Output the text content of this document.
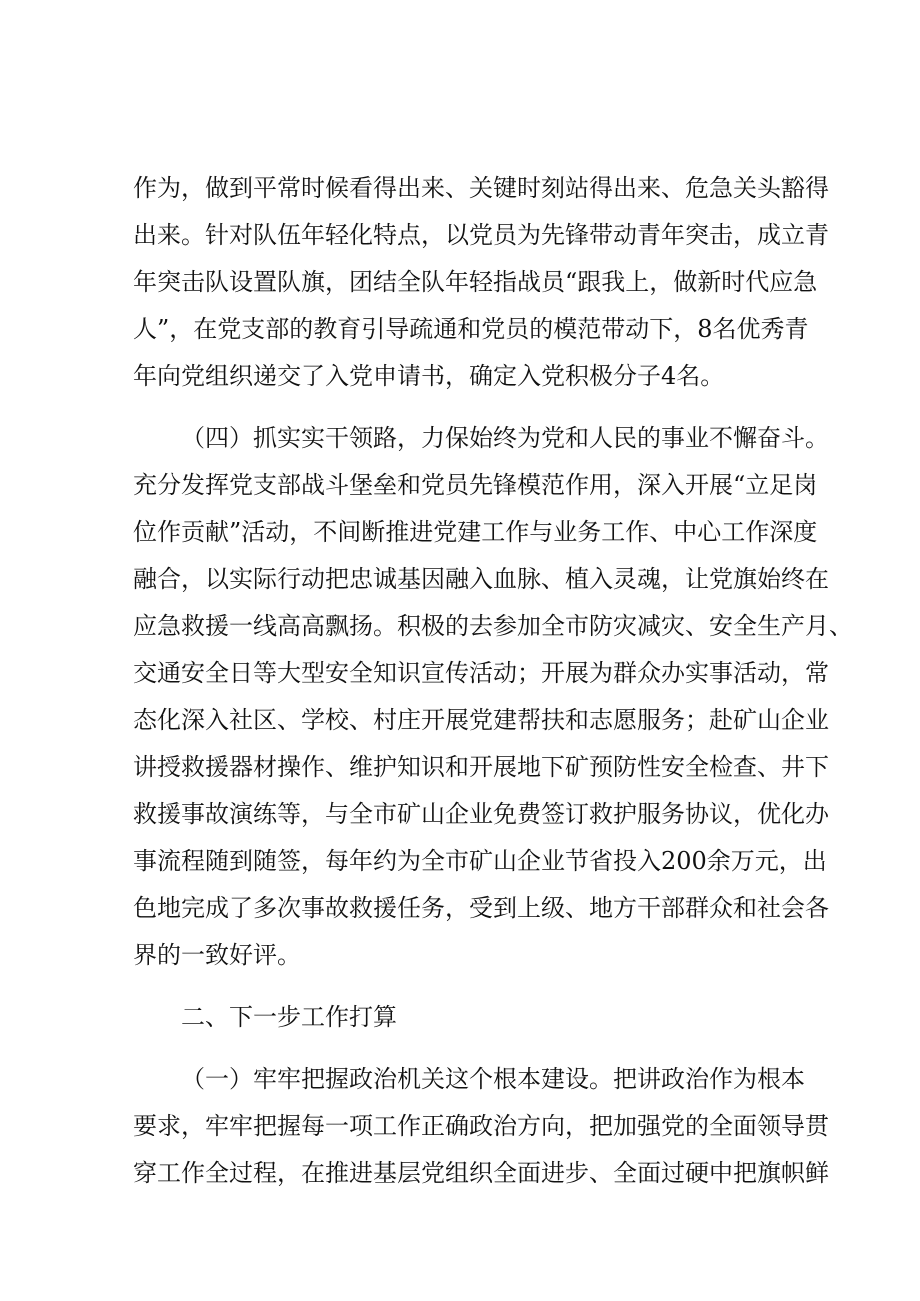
作为，做到平常时候看得出来、关键时刻站得出来、危急关头豁得
出来。针对队伍年轻化特点，以党员为先锋带动青年突击，成立青
年突击队设置队旗，团结全队年轻指战员“跟我上，做新时代应急
人”，在党支部的教育引导疏通和党员的模范带动下，8名优秀青
年向党组织递交了入党申请书，确定入党积极分子4名。
（四）抓实实干领路，力保始终为党和人民的事业不懈奋斗。
充分发挥党支部战斗堡垒和党员先锋模范作用，深入开展“立足岗
位作贡献”活动，不间断推进党建工作与业务工作、中心工作深度
融合，以实际行动把忠诚基因融入血脉、植入灵魂，让党旗始终在
应急救援一线高高飘扬。积极的去参加全市防灾减灾、安全生产月、
交通安全日等大型安全知识宣传活动；开展为群众办实事活动，常
态化深入社区、学校、村庄开展党建帮扶和志愿服务；赴矿山企业
讲授救援器材操作、维护知识和开展地下矿预防性安全检查、井下
救援事故演练等，与全市矿山企业免费签订救护服务协议，优化办
事流程随到随签，每年约为全市矿山企业节省投入200余万元，出
色地完成了多次事故救援任务，受到上级、地方干部群众和社会各
界的一致好评。
二、下一步工作打算
（一）牢牢把握政治机关这个根本建设。把讲政治作为根本
要求，牢牢把握每一项工作正确政治方向，把加强党的全面领导贯
穿工作全过程，在推进基层党组织全面进步、全面过硬中把旗帜鲜
